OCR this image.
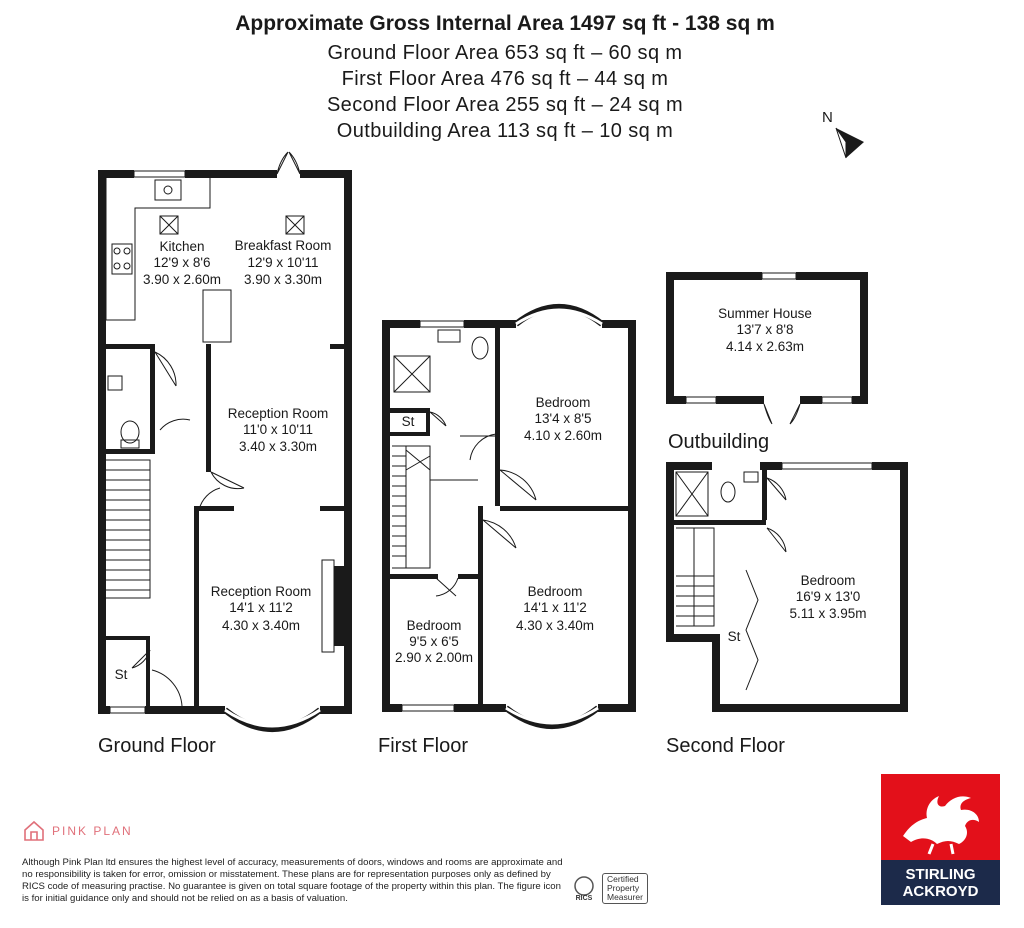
Approximate Gross Internal Area 1497 sq ft - 138 sq m
Ground Floor Area 653 sq ft – 60 sq m
First Floor Area 476 sq ft – 44 sq m
Second Floor Area 255 sq ft – 24 sq m
Outbuilding Area 113 sq ft – 10 sq m
N
Kitchen
12'9 x 8'6
3.90 x 2.60m
Breakfast Room
12'9 x 10'11
3.90 x 3.30m
Reception Room
11'0 x 10'11
3.40 x 3.30m
Reception Room
14'1 x 11'2
4.30 x 3.40m
St
Ground Floor
Bedroom
13'4 x 8'5
4.10 x 2.60m
Bedroom
14'1 x 11'2
4.30 x 3.40m
Bedroom
9'5 x 6'5
2.90 x 2.00m
St
First Floor
Summer House
13'7 x 8'8
4.14 x 2.63m
Outbuilding
Bedroom
16'9 x 13'0
5.11 x 3.95m
St
Second Floor
PINK PLAN
Although Pink Plan ltd ensures the highest level of accuracy, measurements of doors, windows and rooms are approximate and no responsibility is taken for error, omission or misstatement. These plans are for representation purposes only as defined by RICS code of measuring practise. No guarantee is given on total square footage of the property within this plan. The figure icon is for initial guidance only and should not be relied on as a basis of valuation.	RICS
Certified
Property
Measurer
STIRLING
ACKROYD
